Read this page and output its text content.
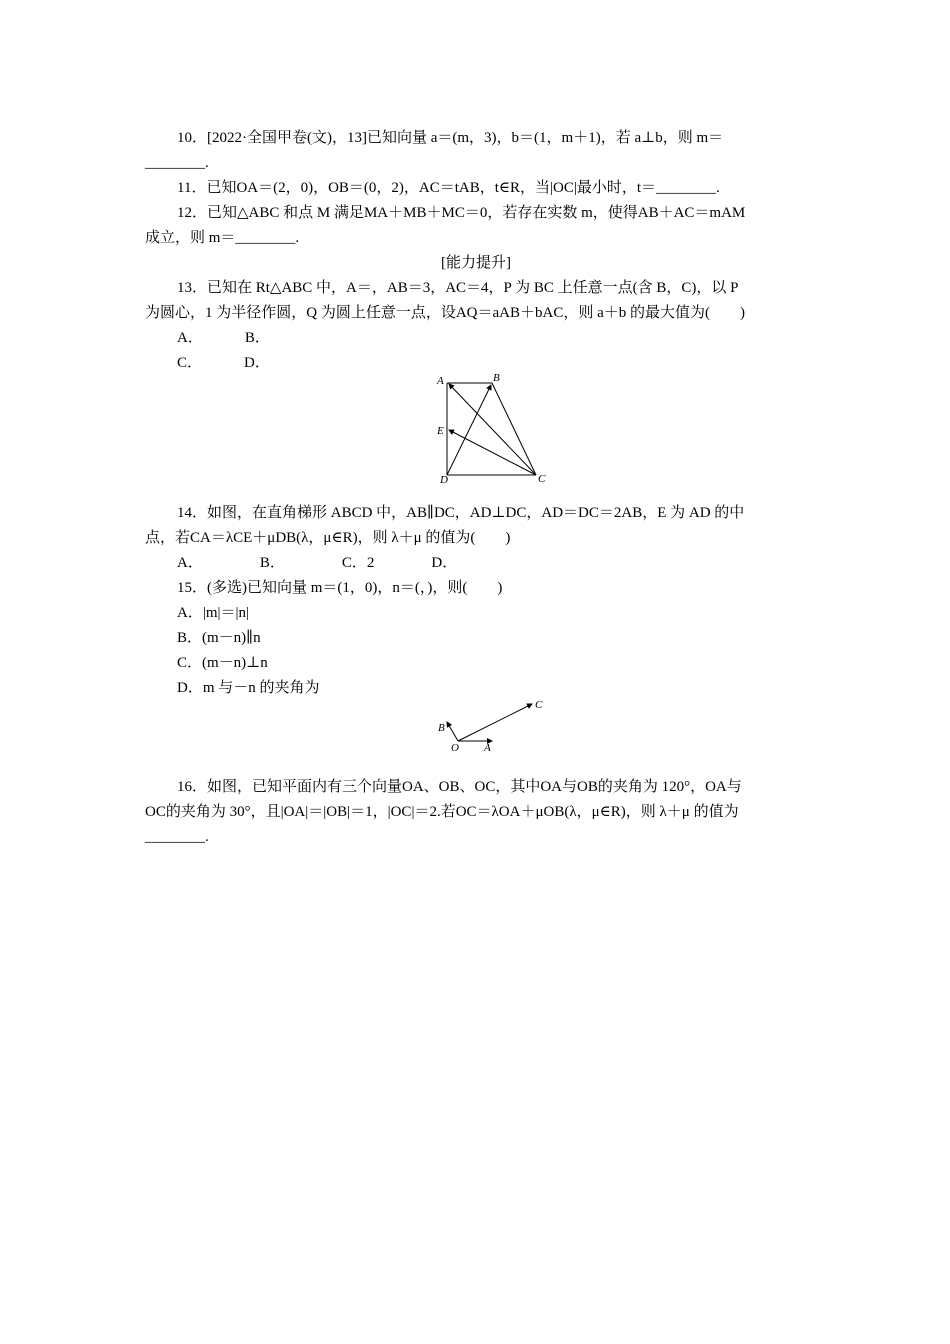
10．[2022·全国甲卷(文)，13]已知向量 a＝(m，3)，b＝(1，m＋1)，若 a⊥b，则 m＝
________.
11．已知OA＝(2，0)，OB＝(0，2)，AC＝tAB，t∈R，当|OC|最小时，t＝________.
12．已知△ABC 和点 M 满足MA＋MB＋MC＝0，若存在实数 m，使得AB＋AC＝mAM
成立，则 m＝________.
[能力提升]
13．已知在 Rt△ABC 中，A＝，AB＝3，AC＝4，P 为 BC 上任意一点(含 B，C)，以 P
为圆心，1 为半径作圆，Q 为圆上任意一点，设AQ＝aAB＋bAC，则 a＋b 的最大值为(　　)
A．	B．
C．	D．
A	B
C
D
E
14．如图，在直角梯形 ABCD 中，AB∥DC，AD⊥DC，AD＝DC＝2AB，E 为 AD 的中
点，若CA＝λCE＋μDB(λ，μ∈R)，则 λ＋μ 的值为(　　)
A．	B．	C．2	D．
15．(多选)已知向量 m＝(1，0)，n＝(，)，则(　　)
A．|m|＝|n|
B．(m－n)∥n
C．(m－n)⊥n
D．m 与－n 的夹角为
O A
B
C
16．如图，已知平面内有三个向量OA、OB、OC，其中OA与OB的夹角为 120°，OA与
OC的夹角为 30°，且|OA|＝|OB|＝1，|OC|＝2.若OC＝λOA＋μOB(λ，μ∈R)，则 λ＋μ 的值为
________.
